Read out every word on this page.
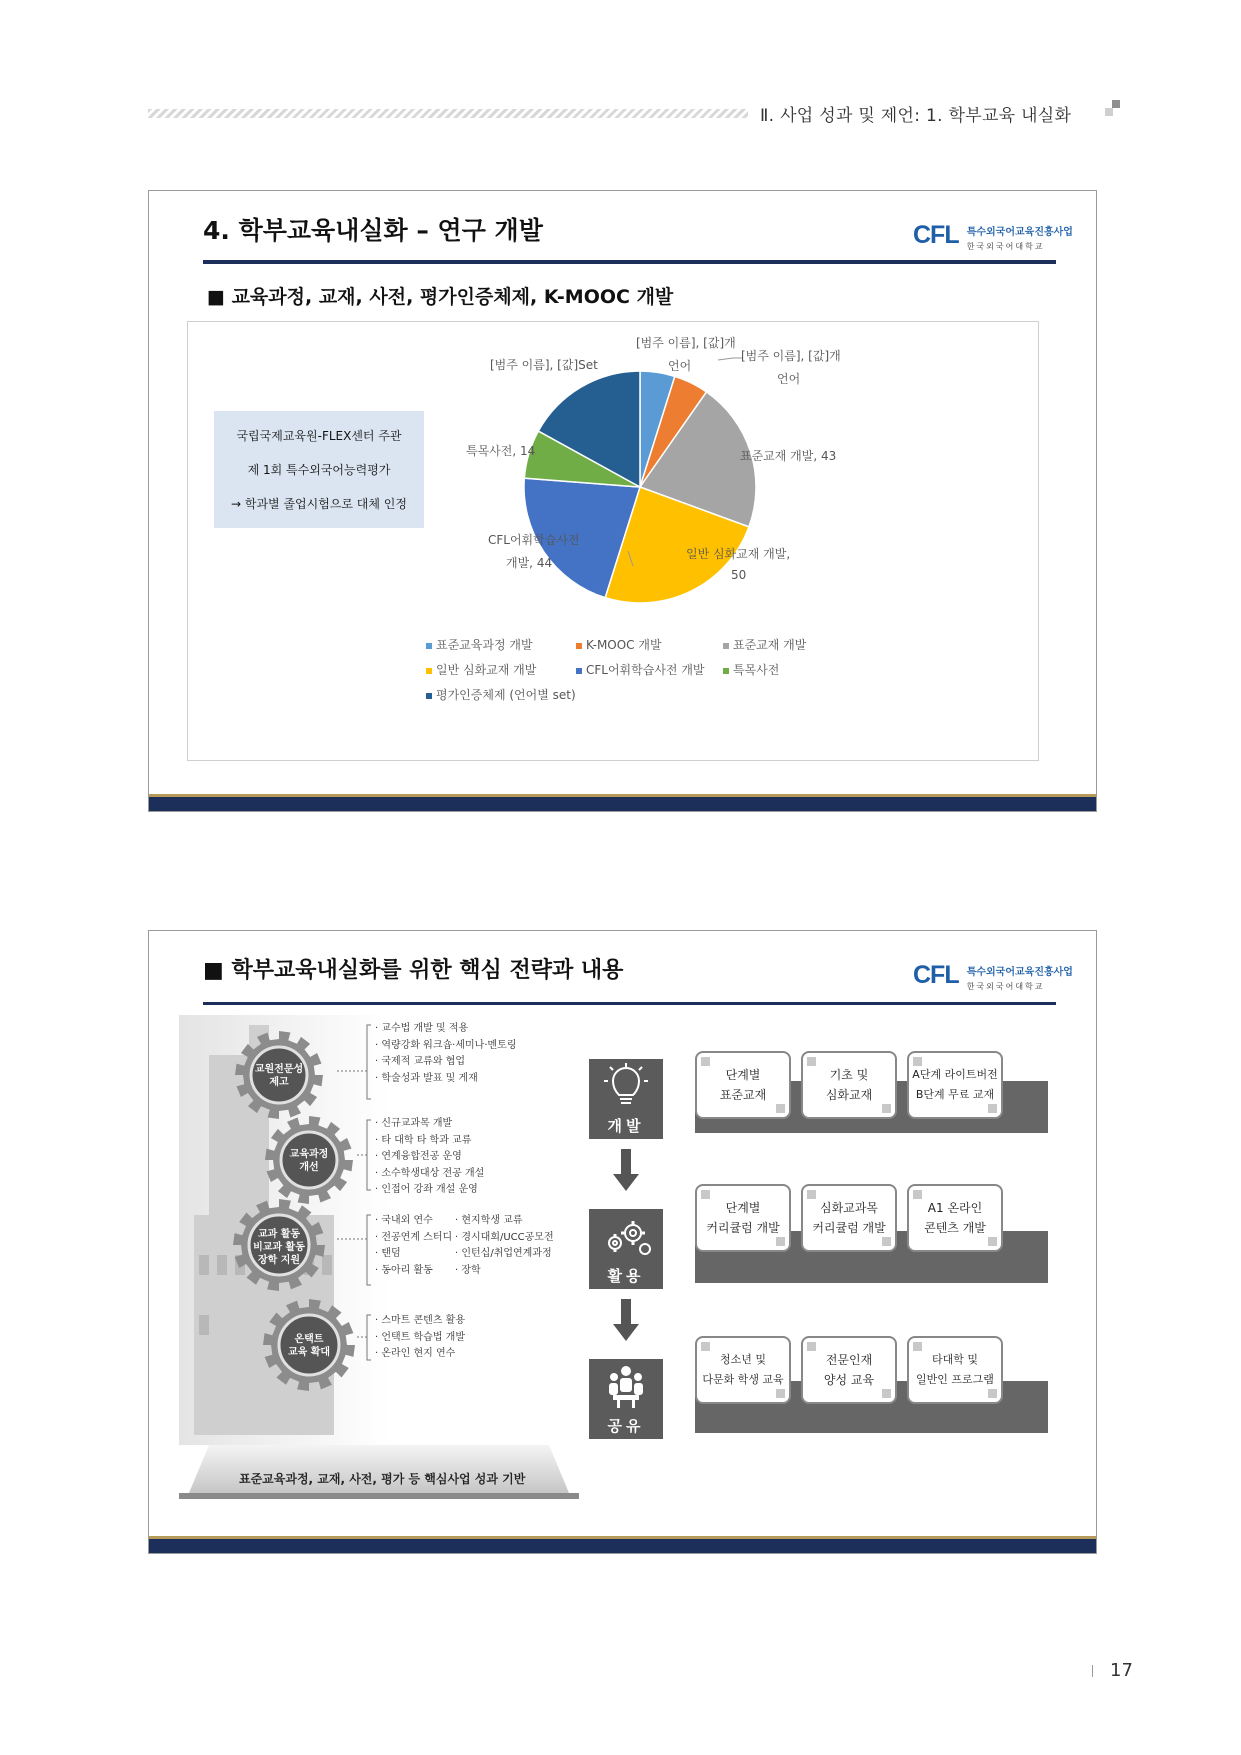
Ⅱ. 사업 성과 및 제언: 1. 학부교육 내실화
4. 학부교육내실화 – 연구 개발	CFL 특수외국어교육진흥사업
한국외국어대학교
■ 교육과정, 교재, 사전, 평가인증체제, K-MOOC 개발
국립국제교육원-FLEX센터 주관
제 1회 특수외국어능력평가
→ 학과별 졸업시험으로 대체 인정
[범주 이름], [값]개
언어
[범주 이름], [값]개
언어
표준교재 개발, 43
일반 심화교재 개발,
50
CFL어휘학습사전
개발, 44
특목사전, 14
[범주 이름], [값]Set
표준교육과정 개발	K-MOOC 개발	표준교재 개발
일반 심화교재 개발	CFL어휘학습사전 개발	특목사전
평가인증체제 (언어별 set)
■ 학부교육내실화를 위한 핵심 전략과 내용	CFL 특수외국어교육진흥사업
한국외국어대학교
교원전문성
제고
교육과정
개선
교과 활동
비교과 활동
장학 지원
온택트
교육 확대
· 교수법 개발 및 적용
· 역량강화 워크숍·세미나·멘토링
· 국제적 교류와 협업
· 학술성과 발표 및 게재
· 신규교과목 개발
· 타 대학 타 학과 교류
· 연계융합전공 운영
· 소수학생대상 전공 개설
· 인접어 강좌 개설 운영
· 국내외 연수
· 전공연계 스터디
· 탠덤
· 동아리 활동
· 현지학생 교류
· 경시대회/UCC공모전
· 인턴십/취업연계과정
· 장학
· 스마트 콘텐츠 활용
· 언택트 학습법 개발
· 온라인 현지 연수
표준교육과정, 교재, 사전, 평가 등 핵심사업 성과 기반
개발
활용
공유
단계별
표준교재
기초 및
심화교재
A단계 라이트버전
B단계 무료 교재
단계별
커리큘럼 개발
심화교과목
커리큘럼 개발
A1 온라인
콘텐츠 개발
청소년 및
다문화 학생 교육
전문인재
양성 교육
타대학 및
일반인 프로그램
17
